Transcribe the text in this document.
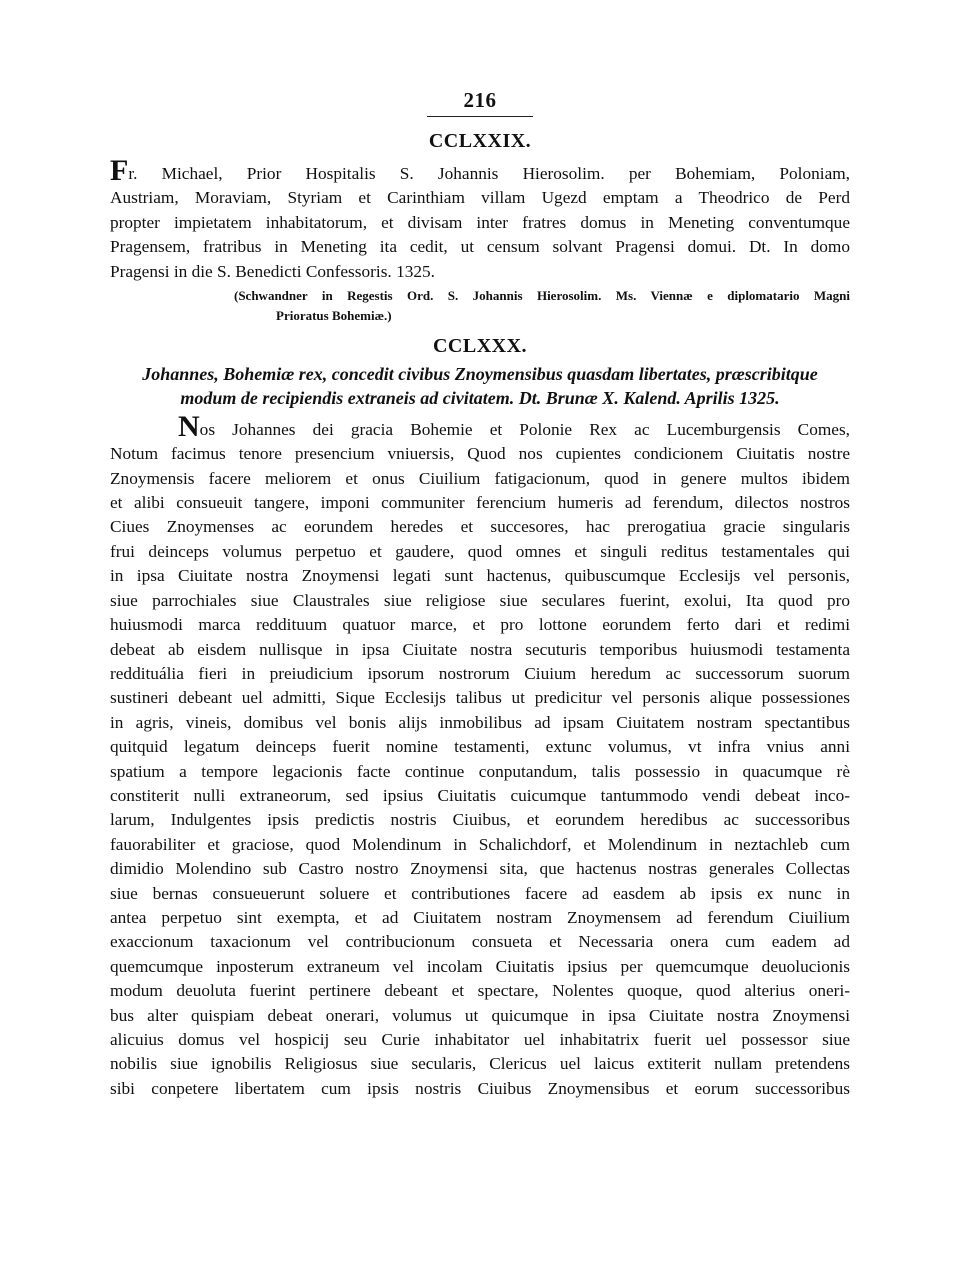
216
CCLXXIX.
Fr. Michael, Prior Hospitalis S. Johannis Hierosolim. per Bohemiam, Poloniam,
Austriam, Moraviam, Styriam et Carinthiam villam Ugezd emptam a Theodrico de Perd
propter impietatem inhabitatorum, et divisam inter fratres domus in Meneting conventumque
Pragensem, fratribus in Meneting ita cedit, ut censum solvant Pragensi domui. Dt. In domo
Pragensi in die S. Benedicti Confessoris. 1325.
(Schwandner in Regestis Ord. S. Johannis Hierosolim. Ms. Viennæ e diplomatario Magni
Prioratus Bohemiæ.)
CCLXXX.
Johannes, Bohemiæ rex, concedit civibus Znoymensibus quasdam libertates, præscribitque
modum de recipiendis extraneis ad civitatem. Dt. Brunæ X. Kalend. Aprilis 1325.
Nos Johannes dei gracia Bohemie et Polonie Rex ac Lucemburgensis Comes,
Notum facimus tenore presencium vniuersis, Quod nos cupientes condicionem Ciuitatis nostre
Znoymensis facere meliorem et onus Ciuilium fatigacionum, quod in genere multos ibidem
et alibi consueuit tangere, imponi communiter ferencium humeris ad ferendum, dilectos nostros
Ciues Znoymenses ac eorundem heredes et succesores, hac prerogatiua gracie singularis
frui deinceps volumus perpetuo et gaudere, quod omnes et singuli reditus testamentales qui
in ipsa Ciuitate nostra Znoymensi legati sunt hactenus, quibuscumque Ecclesijs vel personis,
siue parrochiales siue Claustrales siue religiose siue seculares fuerint, exolui, Ita quod pro
huiusmodi marca reddituum quatuor marce, et pro lottone eorundem ferto dari et redimi
debeat ab eisdem nullisque in ipsa Ciuitate nostra secuturis temporibus huiusmodi testamenta
reddituália fieri in preiudicium ipsorum nostrorum Ciuium heredum ac successorum suorum
sustineri debeant uel admitti, Sique Ecclesijs talibus ut predicitur vel personis alique possessiones
in agris, vineis, domibus vel bonis alijs inmobilibus ad ipsam Ciuitatem nostram spectantibus
quitquid legatum deinceps fuerit nomine testamenti, extunc volumus, vt infra vnius anni
spatium a tempore legacionis facte continue conputandum, talis possessio in quacumque rè
constiterit nulli extraneorum, sed ipsius Ciuitatis cuicumque tantummodo vendi debeat inco-
larum, Indulgentes ipsis predictis nostris Ciuibus, et eorundem heredibus ac successoribus
fauorabiliter et graciose, quod Molendinum in Schalichdorf, et Molendinum in neztachleb cum
dimidio Molendino sub Castro nostro Znoymensi sita, que hactenus nostras generales Collectas
siue bernas consueuerunt soluere et contributiones facere ad easdem ab ipsis ex nunc in
antea perpetuo sint exempta, et ad Ciuitatem nostram Znoymensem ad ferendum Ciuilium
exaccionum taxacionum vel contribucionum consueta et Necessaria onera cum eadem ad
quemcumque inposterum extraneum vel incolam Ciuitatis ipsius per quemcumque deuolucionis
modum deuoluta fuerint pertinere debeant et spectare, Nolentes quoque, quod alterius oneri-
bus alter quispiam debeat onerari, volumus ut quicumque in ipsa Ciuitate nostra Znoymensi
alicuius domus vel hospicij seu Curie inhabitator uel inhabitatrix fuerit uel possessor siue
nobilis siue ignobilis Religiosus siue secularis, Clericus uel laicus extiterit nullam pretendens
sibi conpetere libertatem cum ipsis nostris Ciuibus Znoymensibus et eorum successoribus
